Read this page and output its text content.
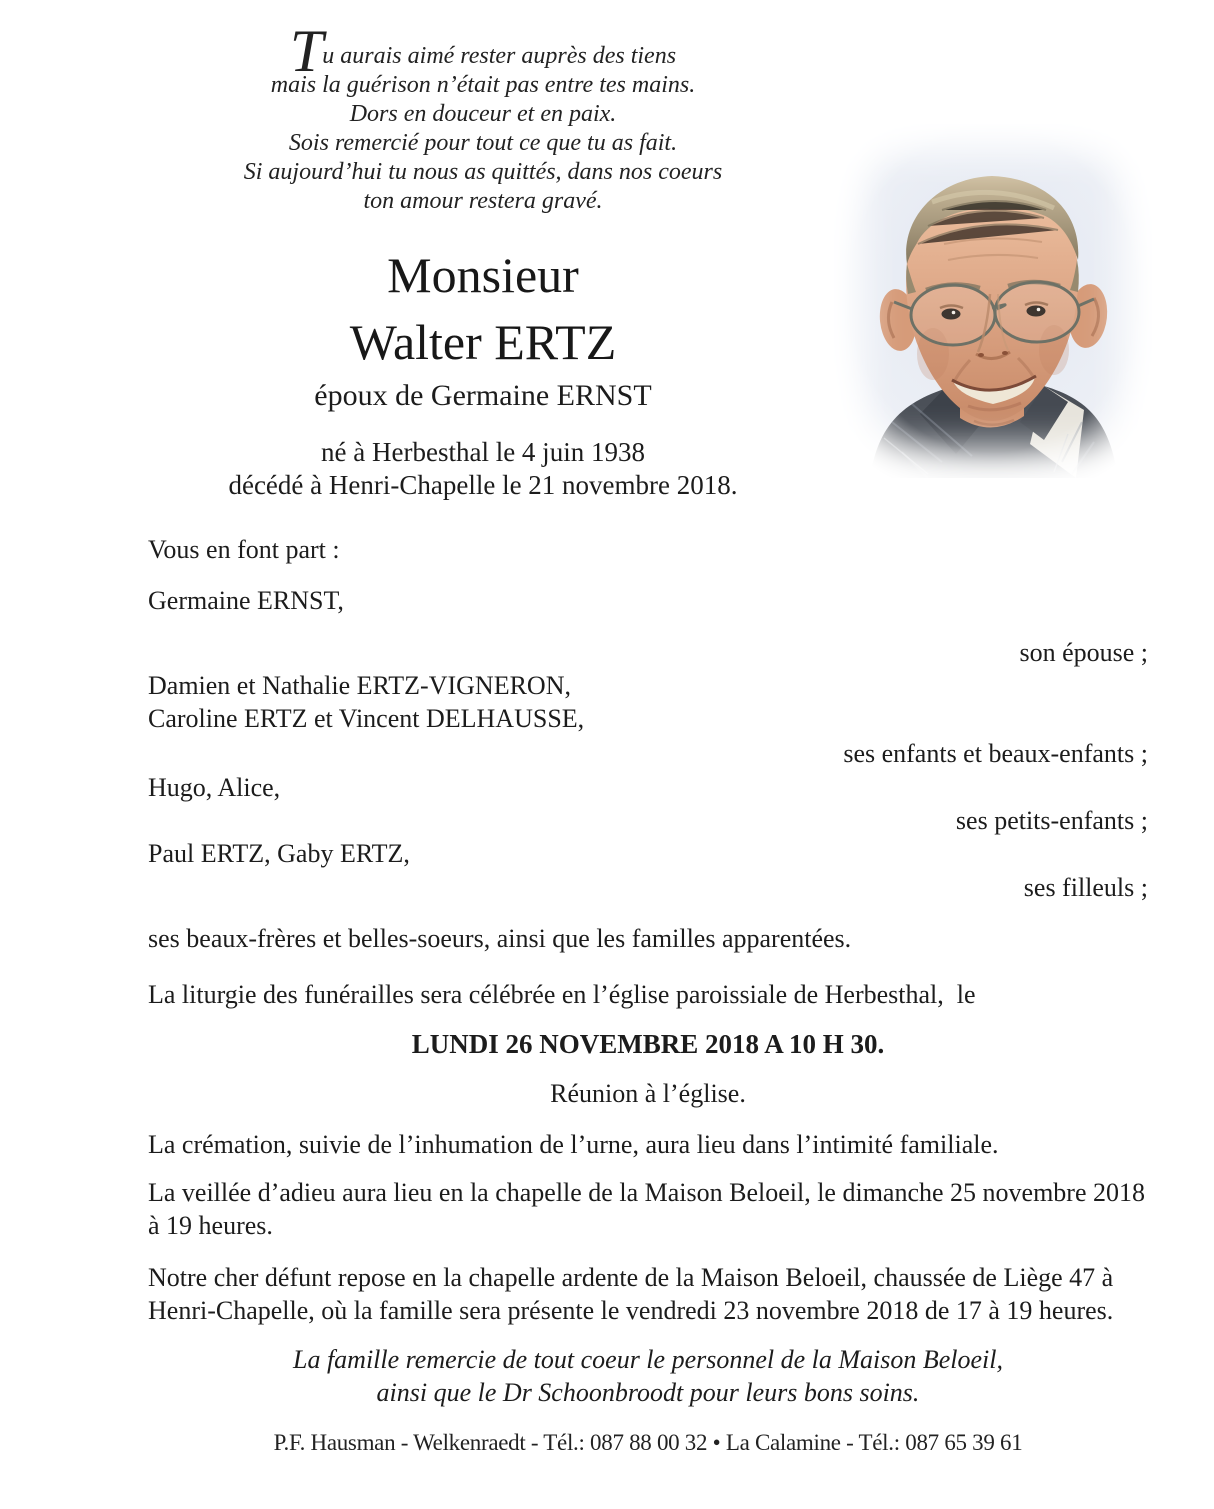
Tu aurais aimé rester auprès des tiens
mais la guérison n’était pas entre tes mains.
Dors en douceur et en paix.
Sois remercié pour tout ce que tu as fait.
Si aujourd’hui tu nous as quittés, dans nos coeurs
ton amour restera gravé.
Monsieur
Walter ERTZ
époux de Germaine ERNST
né à Herbesthal le 4 juin 1938
décédé à Henri-Chapelle le 21 novembre 2018.
Vous en font part :
Germaine ERNST,
son épouse ;
Damien et Nathalie ERTZ-VIGNERON,
Caroline ERTZ et Vincent DELHAUSSE,
ses enfants et beaux-enfants ;
Hugo, Alice,
ses petits-enfants ;
Paul ERTZ, Gaby ERTZ,
ses filleuls ;
ses beaux-frères et belles-soeurs, ainsi que les familles apparentées.
La liturgie des funérailles sera célébrée en l’église paroissiale de Herbesthal,  le
LUNDI 26 NOVEMBRE 2018 A 10 H 30.
Réunion à l’église.
La crémation, suivie de l’inhumation de l’urne, aura lieu dans l’intimité familiale.
La veillée d’adieu aura lieu en la chapelle de la Maison Beloeil, le dimanche 25 novembre 2018 à 19 heures.
Notre cher défunt repose en la chapelle ardente de la Maison Beloeil, chaussée de Liège 47 à Henri-Chapelle, où la famille sera présente le vendredi 23 novembre 2018 de 17 à 19 heures.
La famille remercie de tout coeur le personnel de la Maison Beloeil,
ainsi que le Dr Schoonbroodt pour leurs bons soins.
P.F. Hausman - Welkenraedt - Tél.: 087 88 00 32 • La Calamine - Tél.: 087 65 39 61
